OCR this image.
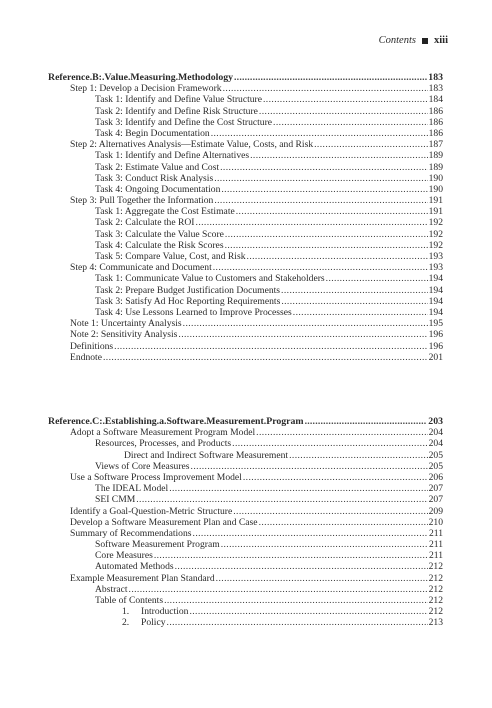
Contents xiii
Reference.B:.Value.Measuring.Methodology .....	183
Step 1: Develop a Decision Framework .....	183
Task 1: Identify and Define Value Structure .....	184
Task 2: Identify and Define Risk Structure .....	186
Task 3: Identify and Define the Cost Structure .....	186
Task 4: Begin Documentation .....	186
Step 2: Alternatives Analysis—Estimate Value, Costs, and Risk .....	187
Task 1: Identify and Define Alternatives .....	189
Task 2: Estimate Value and Cost .....	189
Task 3: Conduct Risk Analysis .....	190
Task 4: Ongoing Documentation .....	190
Step 3: Pull Together the Information .....	191
Task 1: Aggregate the Cost Estimate .....	191
Task 2: Calculate the ROI .....	192
Task 3: Calculate the Value Score .....	192
Task 4: Calculate the Risk Scores .....	192
Task 5: Compare Value, Cost, and Risk .....	193
Step 4: Communicate and Document .....	193
Task 1: Communicate Value to Customers and Stakeholders .....	194
Task 2: Prepare Budget Justification Documents .....	194
Task 3: Satisfy Ad Hoc Reporting Requirements .....	194
Task 4: Use Lessons Learned to Improve Processes .....	194
Note 1: Uncertainty Analysis .....	195
Note 2: Sensitivity Analysis .....	196
Definitions .....	196
Endnote .....	201
Reference.C:.Establishing.a.Software.Measurement.Program .....	203
Adopt a Software Measurement Program Model .....	204
Resources, Processes, and Products .....	204
Direct and Indirect Software Measurement .....	205
Views of Core Measures .....	205
Use a Software Process Improvement Model .....	206
The IDEAL Model .....	207
SEI CMM .....	207
Identify a Goal-Question-Metric Structure .....	209
Develop a Software Measurement Plan and Case .....	210
Summary of Recommendations .....	211
Software Measurement Program .....	211
Core Measures .....	211
Automated Methods .....	212
Example Measurement Plan Standard .....	212
Abstract .....	212
Table of Contents .....	212
1. Introduction .....	212
2. Policy .....	213
